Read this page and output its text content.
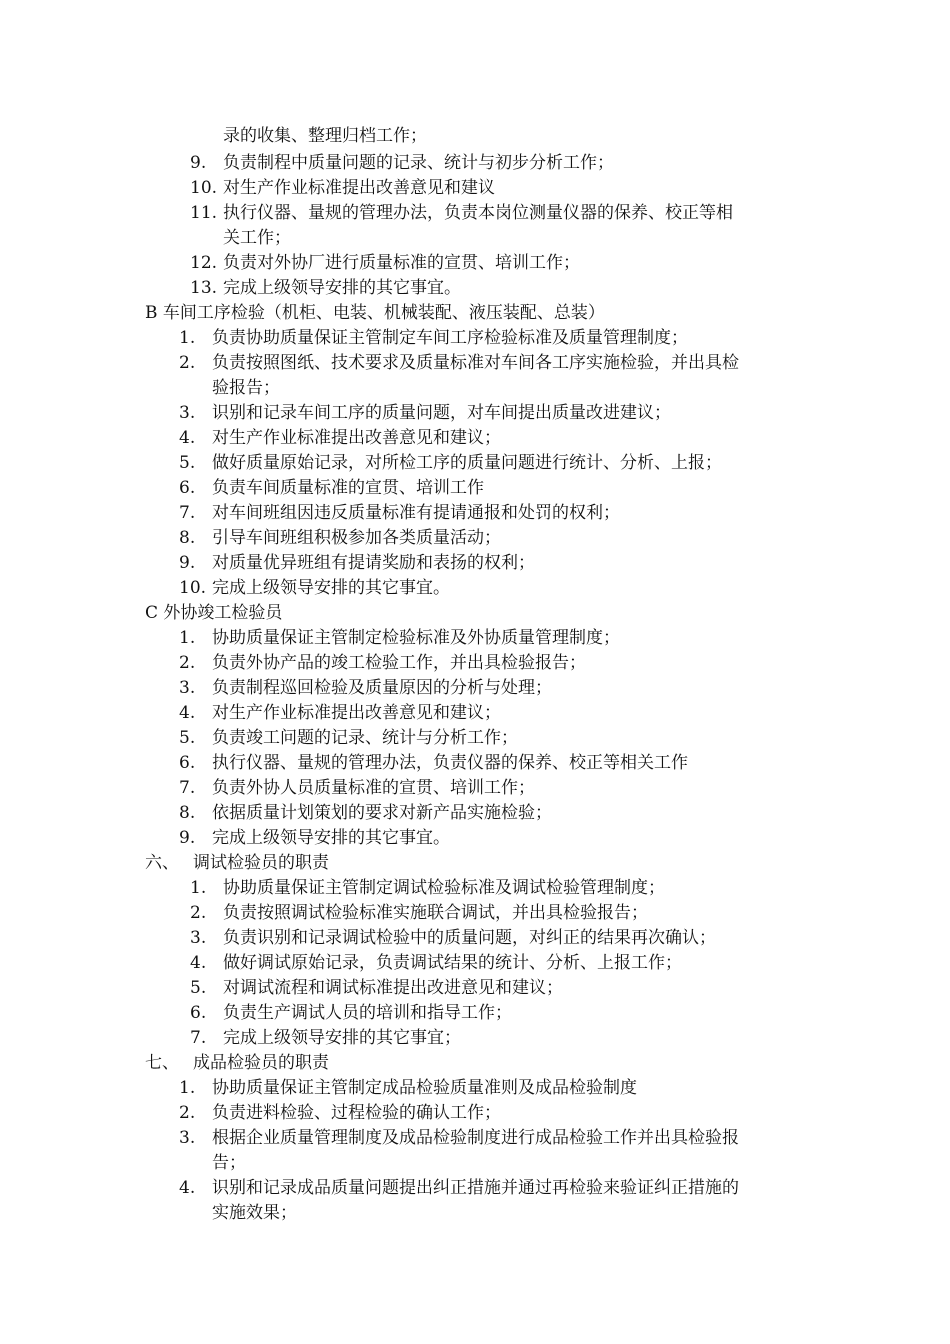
录的收集、整理归档工作；
9. 负责制程中质量问题的记录、统计与初步分析工作；
10. 对生产作业标准提出改善意见和建议
11. 执行仪器、量规的管理办法，负责本岗位测量仪器的保养、校正等相
关工作；
12. 负责对外协厂进行质量标准的宣贯、培训工作；
13. 完成上级领导安排的其它事宜。
B 车间工序检验（机柜、电装、机械装配、液压装配、总装）
1. 负责协助质量保证主管制定车间工序检验标准及质量管理制度；
2. 负责按照图纸、技术要求及质量标准对车间各工序实施检验，并出具检
验报告；
3. 识别和记录车间工序的质量问题，对车间提出质量改进建议；
4. 对生产作业标准提出改善意见和建议；
5. 做好质量原始记录，对所检工序的质量问题进行统计、分析、上报；
6. 负责车间质量标准的宣贯、培训工作
7. 对车间班组因违反质量标准有提请通报和处罚的权利；
8. 引导车间班组积极参加各类质量活动；
9. 对质量优异班组有提请奖励和表扬的权利；
10. 完成上级领导安排的其它事宜。
C 外协竣工检验员
1. 协助质量保证主管制定检验标准及外协质量管理制度；
2. 负责外协产品的竣工检验工作，并出具检验报告；
3. 负责制程巡回检验及质量原因的分析与处理；
4. 对生产作业标准提出改善意见和建议；
5. 负责竣工问题的记录、统计与分析工作；
6. 执行仪器、量规的管理办法，负责仪器的保养、校正等相关工作
7. 负责外协人员质量标准的宣贯、培训工作；
8. 依据质量计划策划的要求对新产品实施检验；
9. 完成上级领导安排的其它事宜。
六、 调试检验员的职责
1. 协助质量保证主管制定调试检验标准及调试检验管理制度；
2. 负责按照调试检验标准实施联合调试，并出具检验报告；
3. 负责识别和记录调试检验中的质量问题，对纠正的结果再次确认；
4. 做好调试原始记录，负责调试结果的统计、分析、上报工作；
5. 对调试流程和调试标准提出改进意见和建议；
6. 负责生产调试人员的培训和指导工作；
7. 完成上级领导安排的其它事宜；
七、 成品检验员的职责
1. 协助质量保证主管制定成品检验质量准则及成品检验制度
2. 负责进料检验、过程检验的确认工作；
3. 根据企业质量管理制度及成品检验制度进行成品检验工作并出具检验报
告；
4. 识别和记录成品质量问题提出纠正措施并通过再检验来验证纠正措施的
实施效果；
